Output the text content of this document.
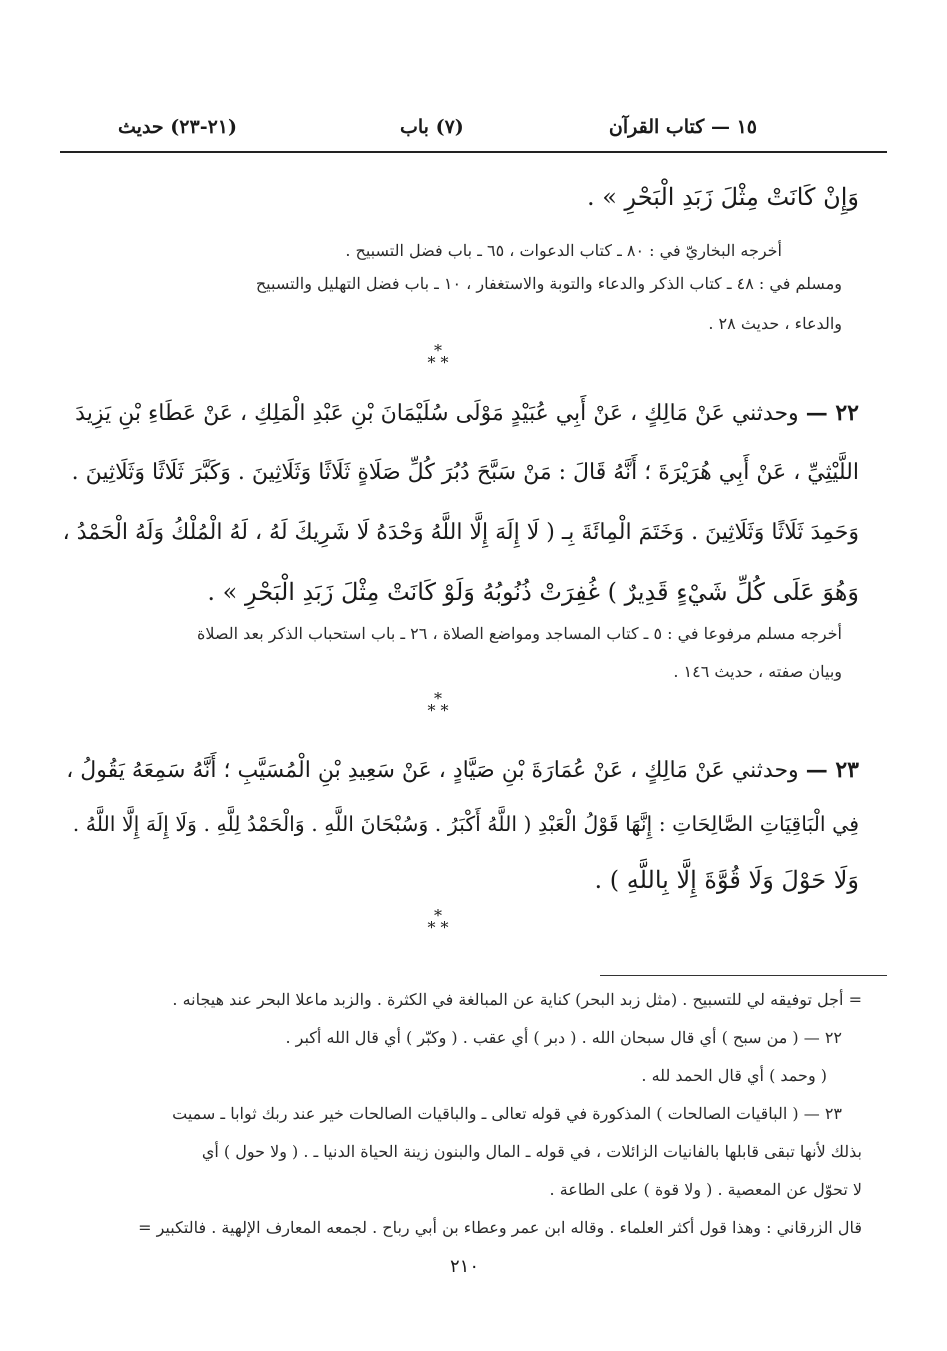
١٥ — كتاب القرآن
(٧) باب
(٢١-٢٣) حديث
وَإِنْ كَانَتْ مِثْلَ زَبَدِ الْبَحْرِ » .
أخرجه البخاريّ في : ٨٠ ـ كتاب الدعوات ، ٦٥ ـ باب فضل التسبيح .
ومسلم في : ٤٨ ـ كتاب الذكر والدعاء والتوبة والاستغفار ، ١٠ ـ باب فضل التهليل والتسبيح
والدعاء ، حديث ٢٨ .
*
* *
٢٢ — وحدثني عَنْ مَالِكٍ ، عَنْ أَبِي عُبَيْدٍ مَوْلَى سُلَيْمَانَ بْنِ عَبْدِ الْمَلِكِ ، عَنْ عَطَاءِ بْنِ يَزِيدَ
اللَّيْثِيِّ ، عَنْ أَبِي هُرَيْرَةَ ؛ أَنَّهُ قَالَ : مَنْ سَبَّحَ دُبُرَ كُلِّ صَلَاةٍ ثَلَاثًا وَثَلَاثِينَ . وَكَبَّرَ ثَلَاثًا وَثَلَاثِينَ .
وَحَمِدَ ثَلَاثًا وَثَلَاثِينَ . وَخَتَمَ الْمِائَةَ بِـ ( لَا إِلَهَ إِلَّا اللَّهُ وَحْدَهُ لَا شَرِيكَ لَهُ ، لَهُ الْمُلْكُ وَلَهُ الْحَمْدُ ،
وَهُوَ عَلَى كُلِّ شَيْءٍ قَدِيرٌ ) غُفِرَتْ ذُنُوبُهُ وَلَوْ كَانَتْ مِثْلَ زَبَدِ الْبَحْرِ » .
أخرجه مسلم مرفوعا في : ٥ ـ كتاب المساجد ومواضع الصلاة ، ٢٦ ـ باب استحباب الذكر بعد الصلاة
وبيان صفته ، حديث ١٤٦ .
*
* *
٢٣ — وحدثني عَنْ مَالِكٍ ، عَنْ عُمَارَةَ بْنِ صَيَّادٍ ، عَنْ سَعِيدِ بْنِ الْمُسَيَّبِ ؛ أَنَّهُ سَمِعَهُ يَقُولُ ،
فِي الْبَاقِيَاتِ الصَّالِحَاتِ : إِنَّهَا قَوْلُ الْعَبْدِ ( اللَّهُ أَكْبَرُ . وَسُبْحَانَ اللَّهِ . وَالْحَمْدُ لِلَّهِ . وَلَا إِلَهَ إِلَّا اللَّهُ .
وَلَا حَوْلَ وَلَا قُوَّةَ إِلَّا بِاللَّهِ ) .
*
* *
= أجل توفيقه لي للتسبيح . (مثل زبد البحر) كناية عن المبالغة في الكثرة . والزبد ماعلا البحر عند هيجانه .
٢٢ — ( من سبح ) أي قال سبحان الله . ( دبر ) أي عقب . ( وكبّر ) أي قال الله أكبر .
( وحمد ) أي قال الحمد لله .
٢٣ — ( الباقيات الصالحات ) المذكورة في قوله تعالى ـ والباقيات الصالحات خير عند ربك ثوابا ـ سميت
بذلك لأنها تبقى قابلها بالفانيات الزائلات ، في قوله ـ المال والبنون زينة الحياة الدنيا ـ . ( ولا حول ) أي
لا تحوّل عن المعصية . ( ولا قوة ) على الطاعة .
قال الزرقاني : وهذا قول أكثر العلماء . وقاله ابن عمر وعطاء بن أبي رباح . لجمعه المعارف الإلهية . فالتكبير =
٢١٠
